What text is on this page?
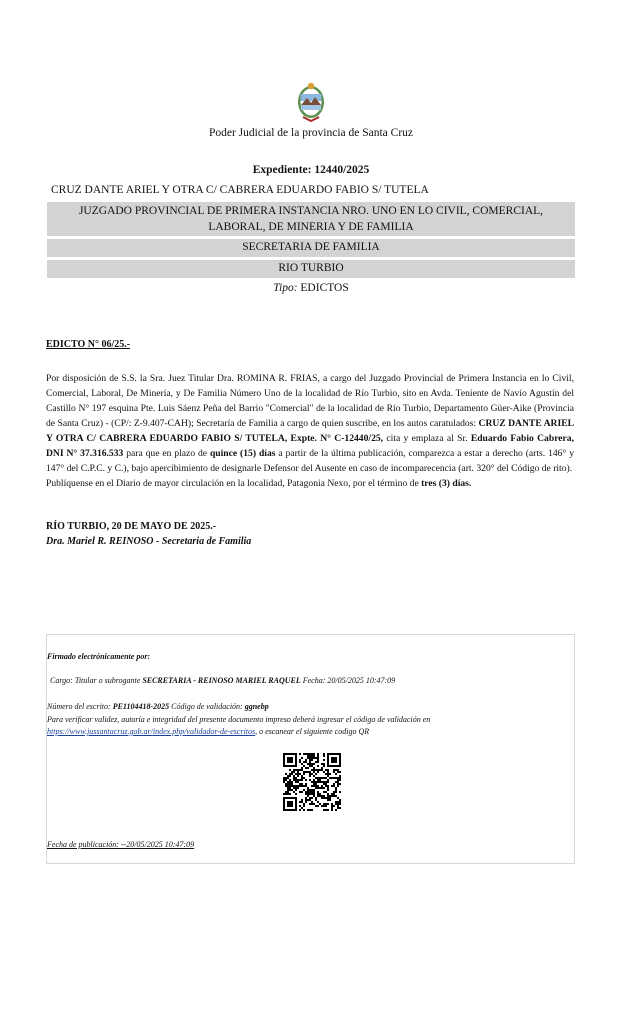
Poder Judicial de la provincia de Santa Cruz
Expediente: 12440/2025
CRUZ DANTE ARIEL Y OTRA C/ CABRERA EDUARDO FABIO S/ TUTELA
JUZGADO PROVINCIAL DE PRIMERA INSTANCIA NRO. UNO EN LO CIVIL, COMERCIAL,
LABORAL, DE MINERIA Y DE FAMILIA
SECRETARIA DE FAMILIA
RIO TURBIO
Tipo: EDICTOS
EDICTO N° 06/25.-
Por disposición de S.S. la Sra. Juez Titular Dra. ROMINA R. FRIAS, a cargo del Juzgado Provincial de Primera Instancia en lo Civil, Comercial, Laboral, De Minería, y De Familia Número Uno de la localidad de Río Turbio, sito en Avda. Teniente de Navío Agustín del Castillo N° 197 esquina Pte. Luis Sáenz Peña del Barrio "Comercial" de la localidad de Río Turbio, Departamento Güer-Aike (Provincia de Santa Cruz) - (CP/: Z-9.407-CAH); Secretaría de Familia a cargo de quien suscribe, en los autos caratulados: CRUZ DANTE ARIEL Y OTRA C/ CABRERA EDUARDO FABIO S/ TUTELA, Expte. N° C-12440/25, cita y emplaza al Sr. Eduardo Fabio Cabrera, DNI N° 37.316.533 para que en plazo de quince (15) días a partir de la última publicación, comparezca a estar a derecho (arts. 146° y 147° del C.P.C. y C.), bajo apercibimiento de designarle Defensor del Ausente en caso de incomparecencia (art. 320° del Código de rito).
Publíquense en el Diario de mayor circulación en la localidad, Patagonia Nexo, por el término de tres (3) días.
RÍO TURBIO, 20 DE MAYO DE 2025.-
Dra. Mariel R. REINOSO - Secretaria de Familia
Firmado electrónicamente por:
Cargo: Titular o subrogante SECRETARIA - REINOSO MARIEL RAQUEL Fecha: 20/05/2025 10:47:09
Número del escrito: PE1104418-2025 Código de validación: ggnebp
Para verificar validez, autoría e integridad del presente documento impreso deberá ingresar el código de validación en
https://www.jussantacruz.gob.ar/index.php/validador-de-escritos, o escanear el siguiente codigo QR
Fecha de publicación: --20/05/2025 10:47:09
